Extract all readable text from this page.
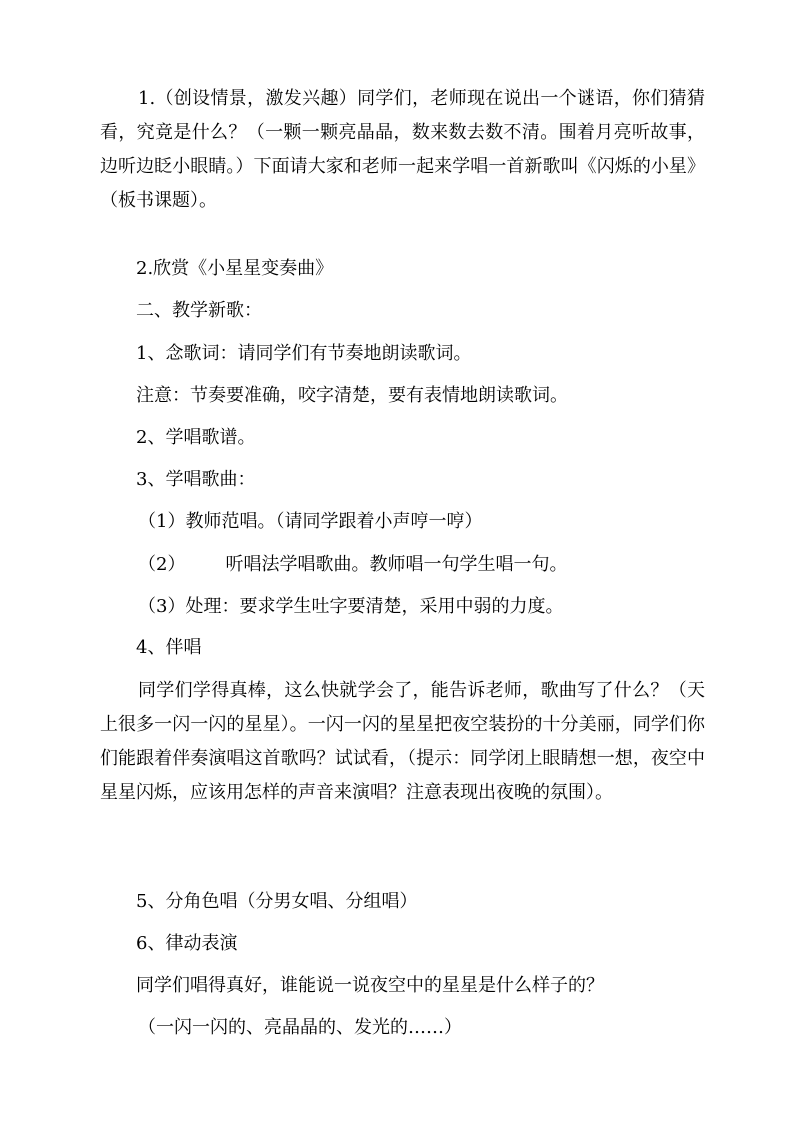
1.（创设情景，激发兴趣）同学们，老师现在说出一个谜语，你们猜猜看，究竟是什么？（一颗一颗亮晶晶，数来数去数不清。围着月亮听故事，边听边眨小眼睛。）下面请大家和老师一起来学唱一首新歌叫《闪烁的小星》（板书课题）。

2.欣赏《小星星变奏曲》

二、教学新歌：

1、念歌词：请同学们有节奏地朗读歌词。

注意：节奏要准确，咬字清楚，要有表情地朗读歌词。

2、学唱歌谱。

3、学唱歌曲：

（1）教师范唱。（请同学跟着小声哼一哼）

（2） 听唱法学唱歌曲。教师唱一句学生唱一句。

（3）处理：要求学生吐字要清楚，采用中弱的力度。

4、伴唱

同学们学得真棒，这么快就学会了，能告诉老师，歌曲写了什么？（天上很多一闪一闪的星星）。一闪一闪的星星把夜空装扮的十分美丽，同学们你们能跟着伴奏演唱这首歌吗？试试看，（提示：同学闭上眼睛想一想，夜空中星星闪烁，应该用怎样的声音来演唱？注意表现出夜晚的氛围）。

5、分角色唱（分男女唱、分组唱）

6、律动表演

同学们唱得真好，谁能说一说夜空中的星星是什么样子的？

（一闪一闪的、亮晶晶的、发光的……）
